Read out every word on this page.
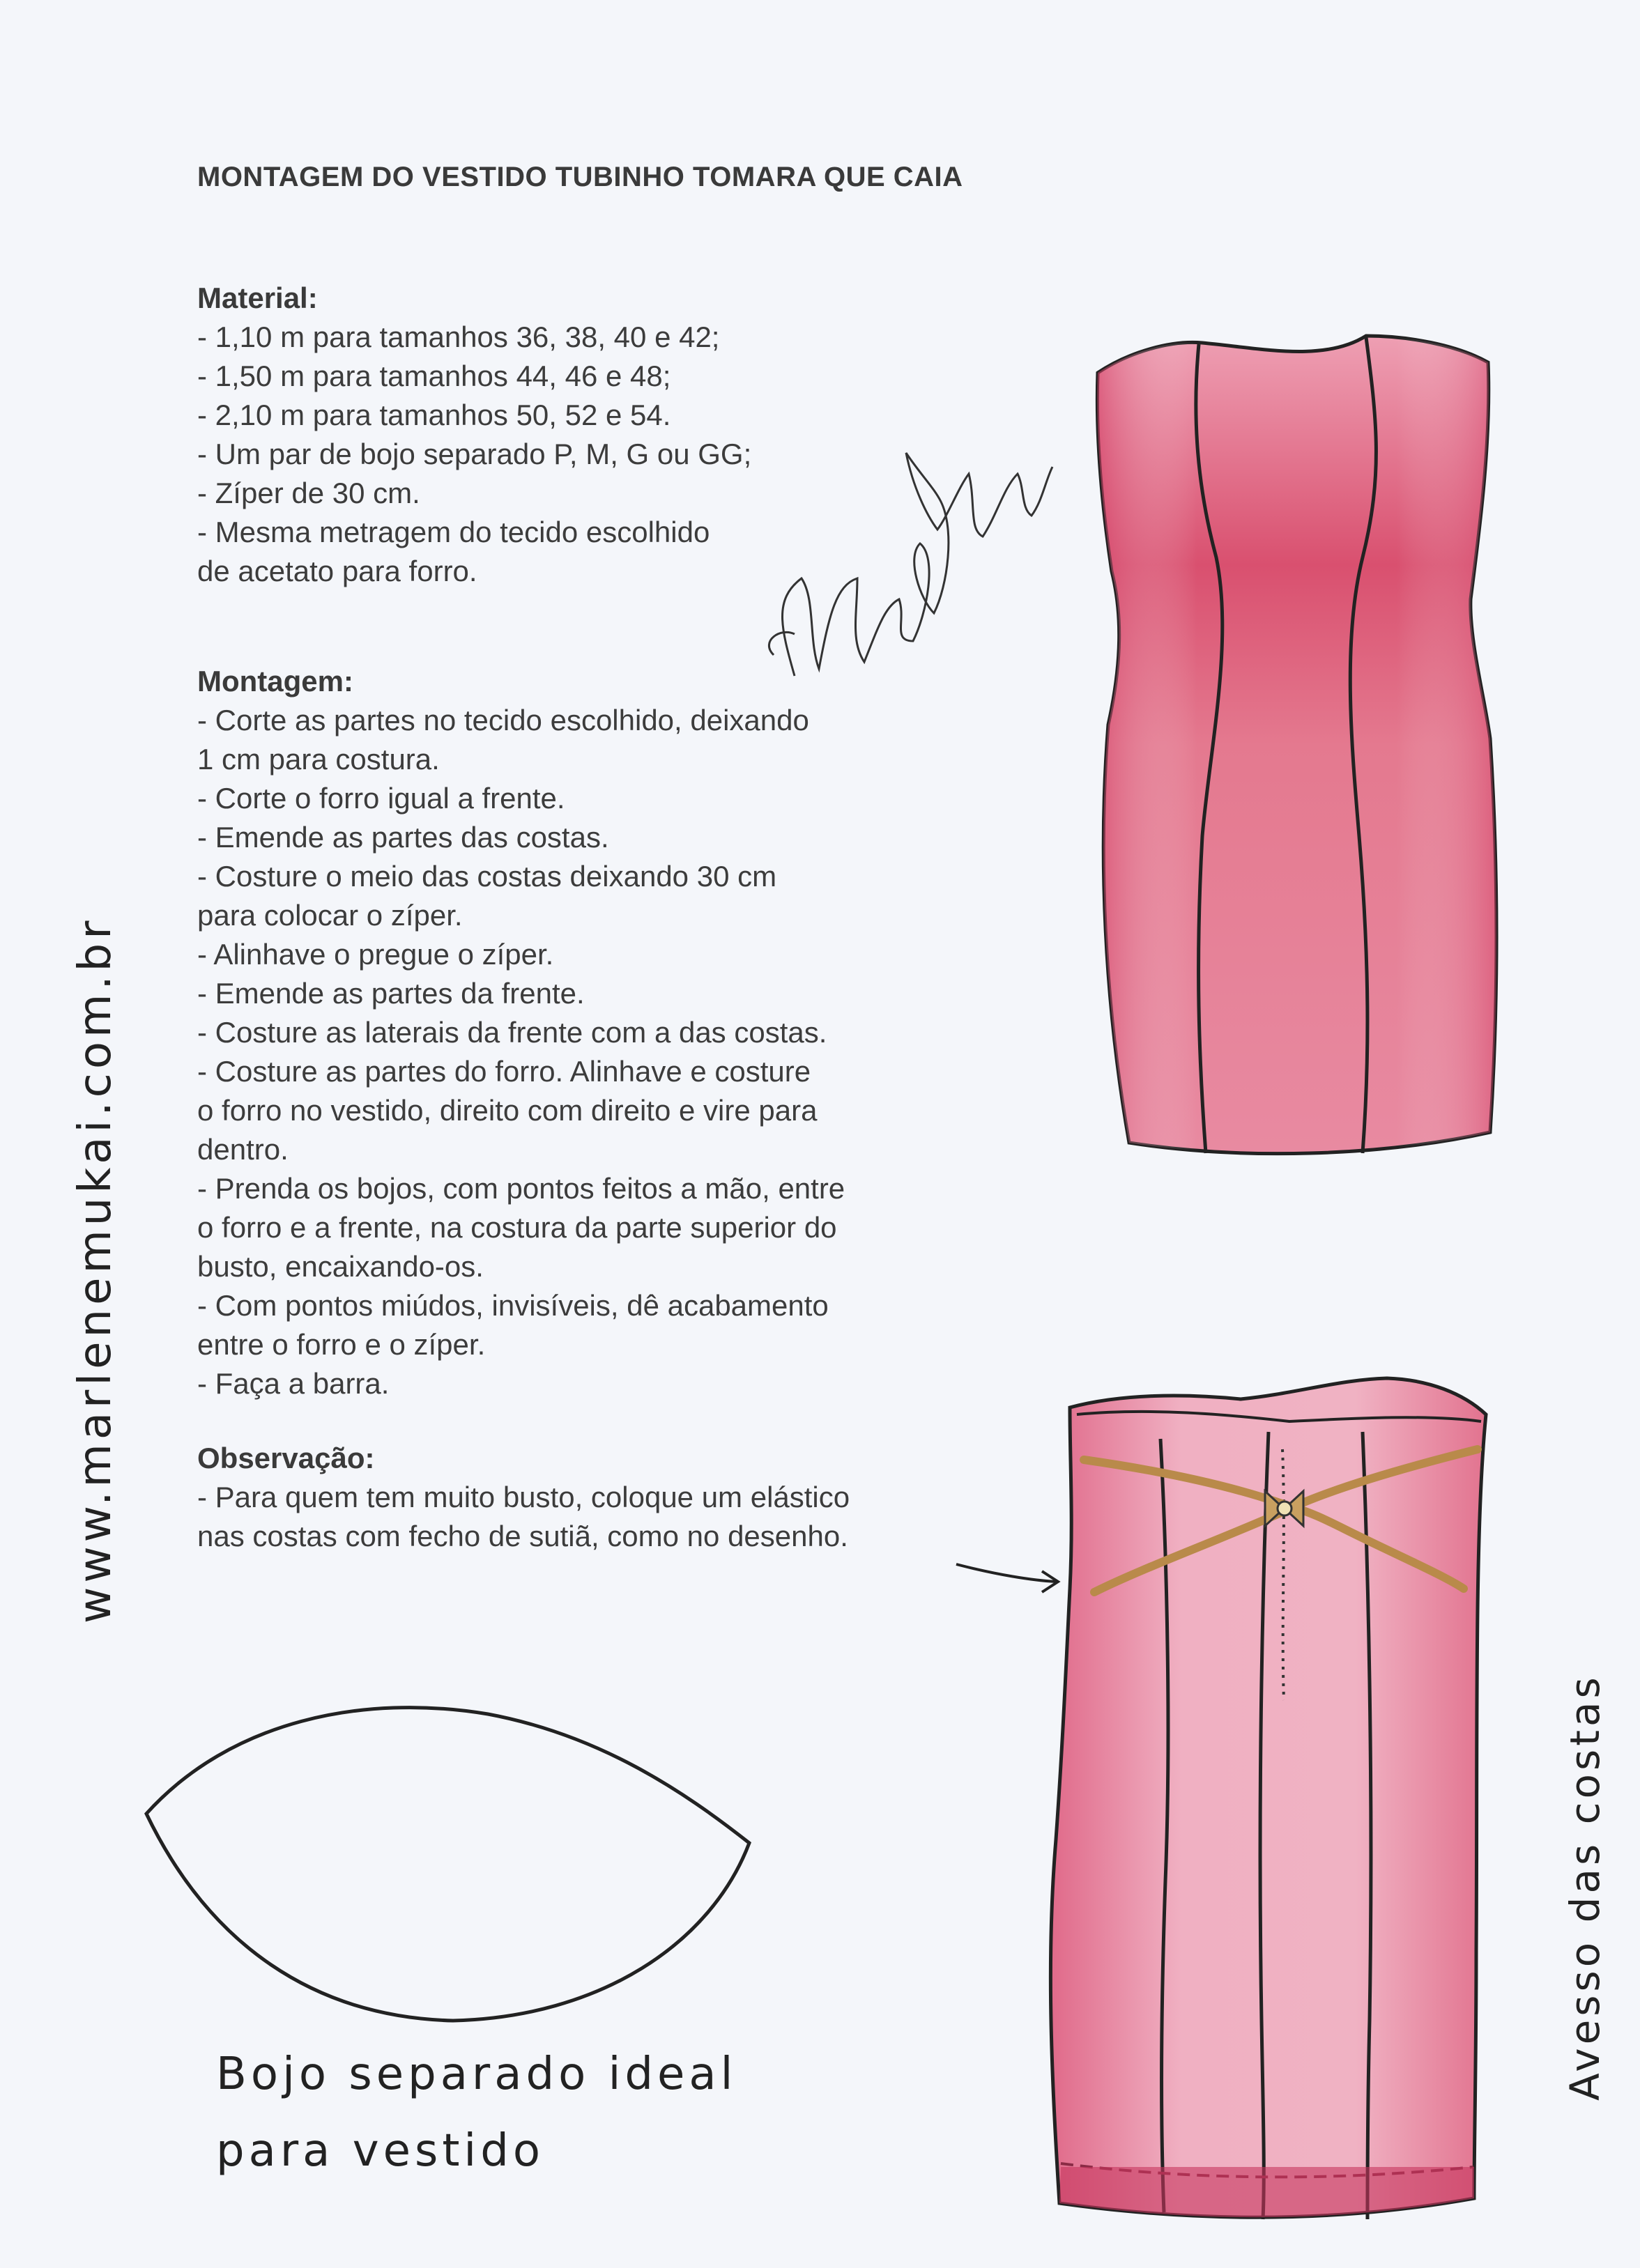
MONTAGEM DO VESTIDO TUBINHO TOMARA QUE CAIA
Material:
- 1,10 m para tamanhos 36, 38, 40 e 42;
- 1,50 m para tamanhos 44, 46 e 48;
- 2,10 m para tamanhos 50, 52 e 54.
- Um par de bojo separado P, M, G ou GG;
- Zíper de 30 cm.
- Mesma metragem do tecido escolhido
de acetato para forro.
Montagem:
- Corte as partes no tecido escolhido, deixando
1 cm para costura.
- Corte o forro igual a frente.
- Emende as partes das costas.
- Costure o meio das costas deixando 30 cm
para colocar o zíper.
- Alinhave o pregue o zíper.
- Emende as partes da frente.
- Costure as laterais da frente com a das costas.
- Costure as partes do forro. Alinhave e costure
o forro no vestido, direito com direito e vire para
dentro.
- Prenda os bojos, com pontos feitos a mão, entre
o forro e a frente, na costura da parte superior do
busto, encaixando-os.
- Com pontos miúdos, invisíveis, dê acabamento
entre o forro e o zíper.
- Faça a barra.
Observação:
- Para quem tem muito busto, coloque um elástico
nas costas com fecho de sutiã, como no desenho.
www.marlenemukai.com.br
Avesso das costas
Bojo separado ideal
para vestido
